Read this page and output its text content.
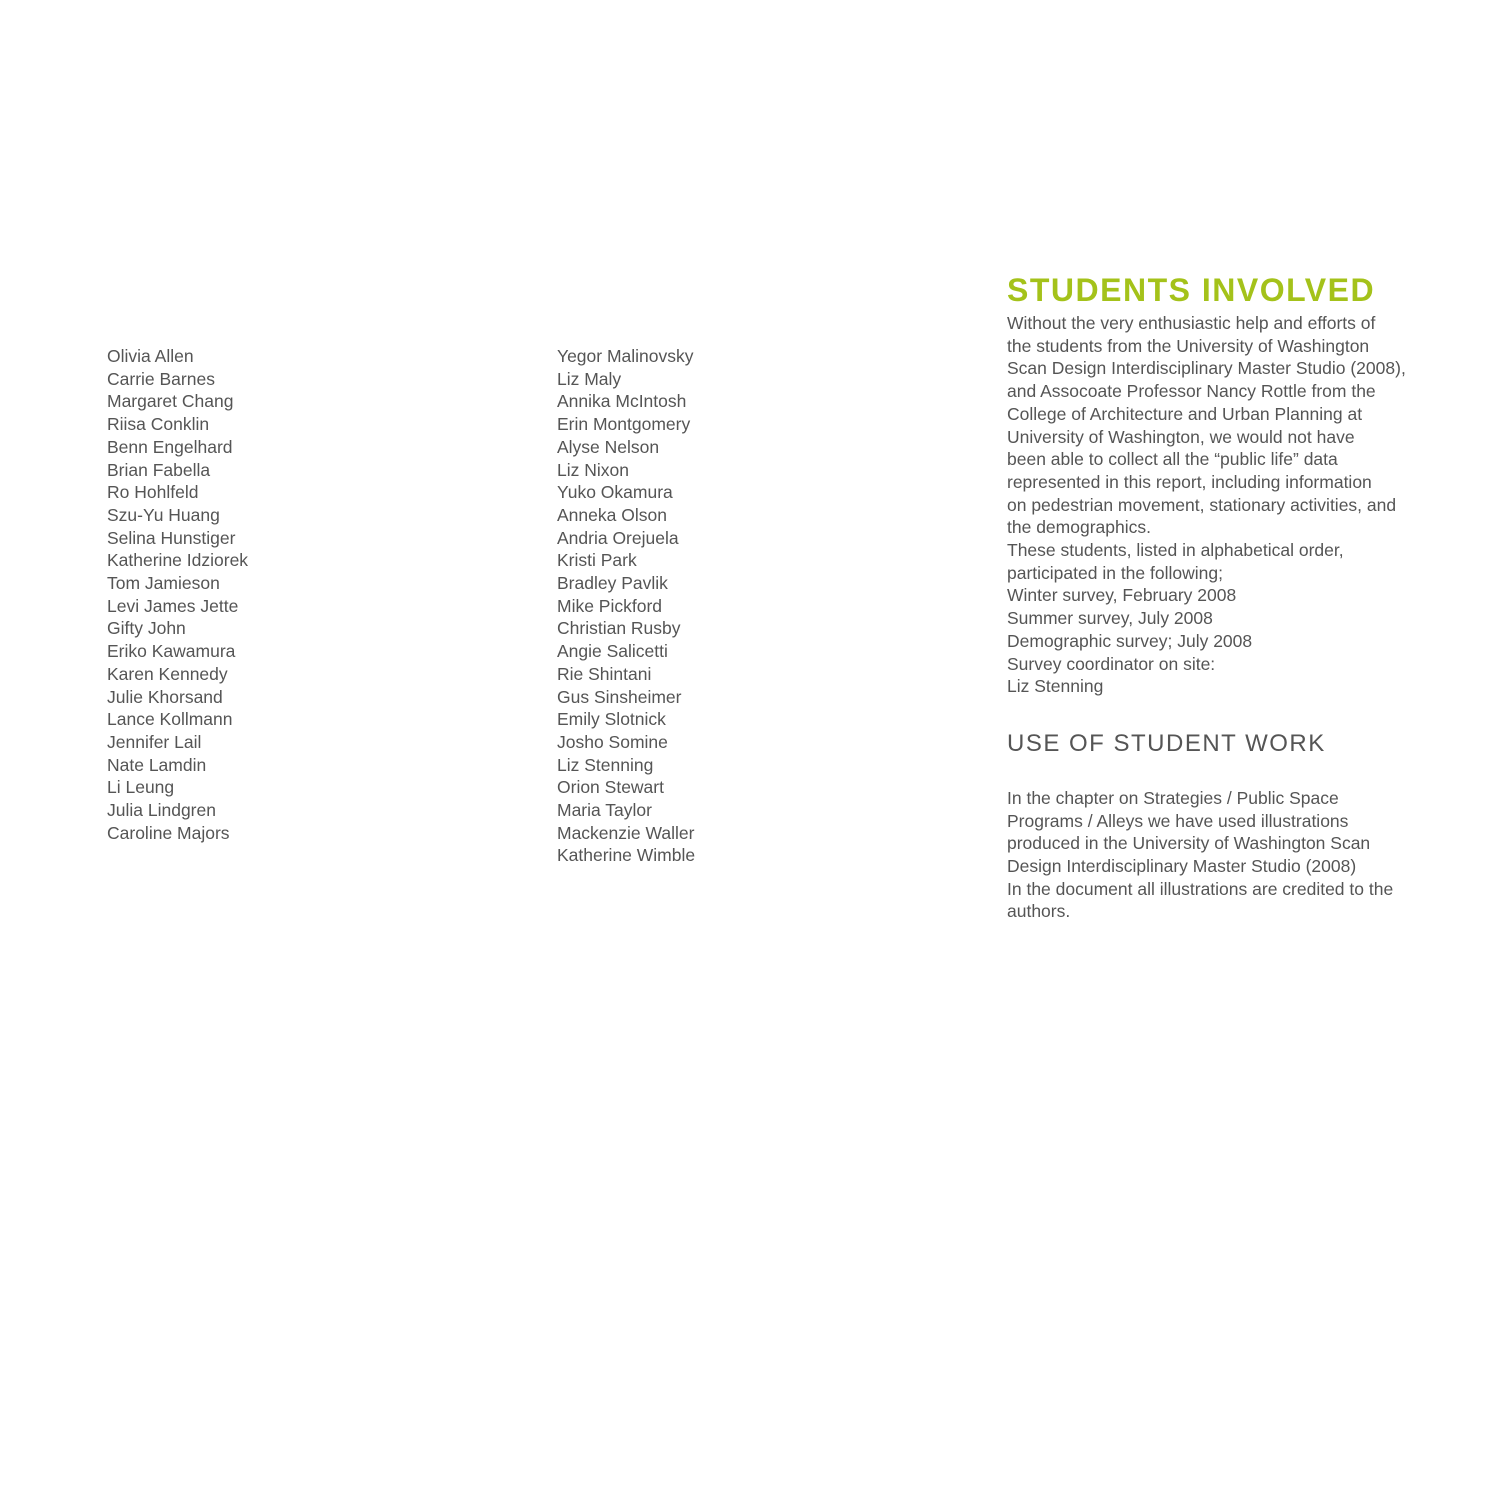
Olivia Allen
Carrie Barnes
Margaret Chang
Riisa Conklin
Benn Engelhard
Brian Fabella
Ro Hohlfeld
Szu-Yu Huang
Selina Hunstiger
Katherine Idziorek
Tom Jamieson
Levi James Jette
Gifty John
Eriko Kawamura
Karen Kennedy
Julie Khorsand
Lance Kollmann
Jennifer Lail
Nate Lamdin
Li Leung
Julia Lindgren
Caroline Majors
Yegor Malinovsky
Liz Maly
Annika McIntosh
Erin Montgomery
Alyse Nelson
Liz Nixon
Yuko Okamura
Anneka Olson
Andria Orejuela
Kristi Park
Bradley Pavlik
Mike Pickford
Christian Rusby
Angie Salicetti
Rie Shintani
Gus Sinsheimer
Emily Slotnick
Josho Somine
Liz Stenning
Orion Stewart
Maria Taylor
Mackenzie Waller
Katherine Wimble
STUDENTS INVOLVED
Without the very enthusiastic help and efforts of
the students from the University of Washington
Scan Design Interdisciplinary Master Studio (2008),
and Assocoate Professor Nancy Rottle from the
College of Architecture and Urban Planning at
University of Washington, we would not have
been able to collect all the “public life” data
represented in this report, including information
on pedestrian movement, stationary activities, and
the demographics.
These students, listed in alphabetical order,
participated in the following;
Winter survey, February 2008
Summer survey, July 2008
Demographic survey; July 2008
Survey coordinator on site:
Liz Stenning
USE OF STUDENT WORK
In the chapter on Strategies / Public Space
Programs / Alleys we have used illustrations
produced in the University of Washington Scan
Design Interdisciplinary Master Studio (2008)
In the document all illustrations are credited to the
authors.
